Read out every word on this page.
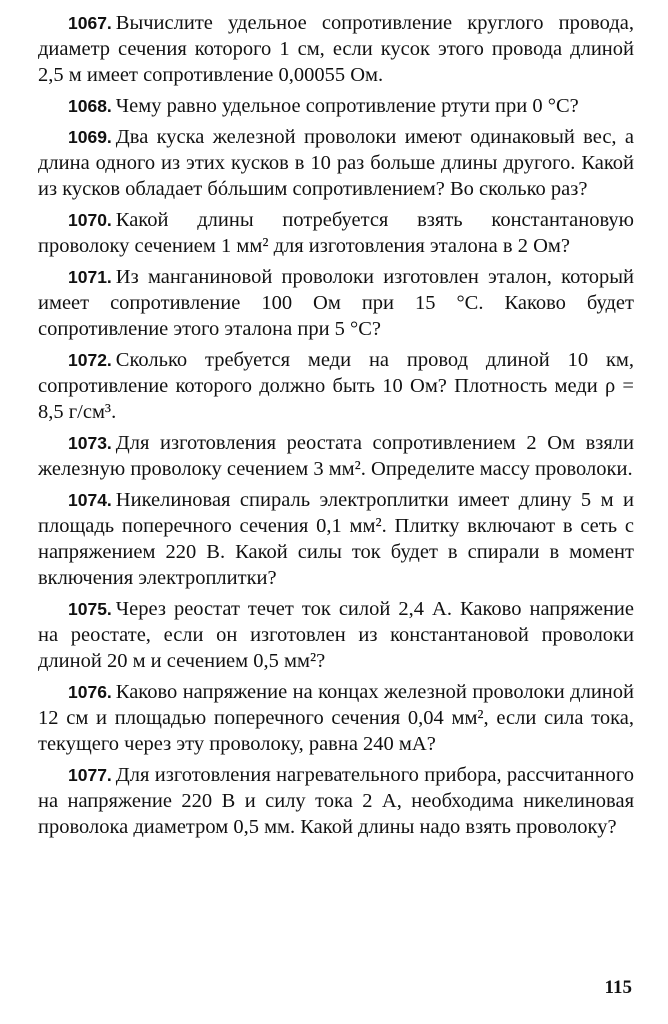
1067. Вычислите удельное сопротивление круглого провода, диаметр сечения которого 1 см, если кусок этого провода длиной 2,5 м имеет сопротивление 0,00055 Ом.

1068. Чему равно удельное сопротивление ртути при 0 °C?

1069. Два куска железной проволоки имеют одинаковый вес, а длина одного из этих кусков в 10 раз больше длины другого. Какой из кусков обладает бóльшим сопротивлением? Во сколько раз?

1070. Какой длины потребуется взять константановую проволоку сечением 1 мм² для изготовления эталона в 2 Ом?

1071. Из манганиновой проволоки изготовлен эталон, который имеет сопротивление 100 Ом при 15 °C. Каково будет сопротивление этого эталона при 5 °C?

1072. Сколько требуется меди на провод длиной 10 км, сопротивление которого должно быть 10 Ом? Плотность меди ρ = 8,5 г/см³.

1073. Для изготовления реостата сопротивлением 2 Ом взяли железную проволоку сечением 3 мм². Определите массу проволоки.

1074. Никелиновая спираль электроплитки имеет длину 5 м и площадь поперечного сечения 0,1 мм². Плитку включают в сеть с напряжением 220 В. Какой силы ток будет в спирали в момент включения электроплитки?

1075. Через реостат течет ток силой 2,4 А. Каково напряжение на реостате, если он изготовлен из константановой проволоки длиной 20 м и сечением 0,5 мм²?

1076. Каково напряжение на концах железной проволоки длиной 12 см и площадью поперечного сечения 0,04 мм², если сила тока, текущего через эту проволоку, равна 240 мА?

1077. Для изготовления нагревательного прибора, рассчитанного на напряжение 220 В и силу тока 2 А, необходима никелиновая проволока диаметром 0,5 мм. Какой длины надо взять проволоку?

115
